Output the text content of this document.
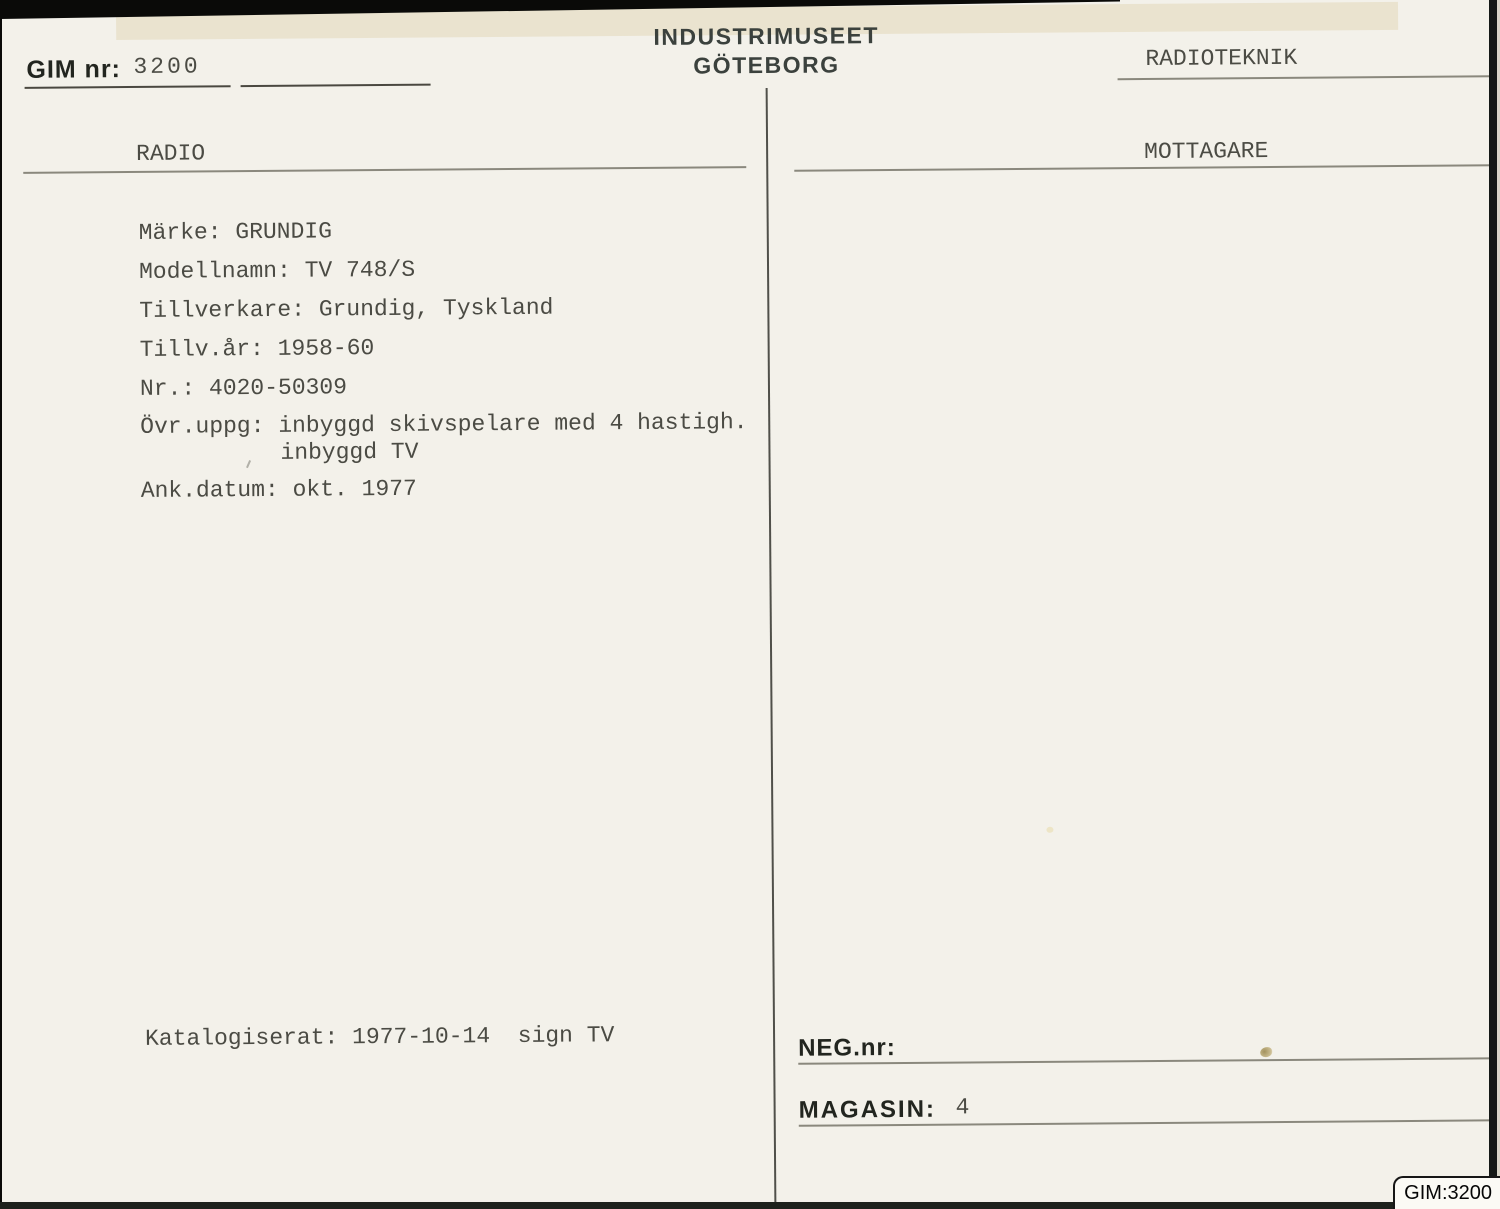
GIM nr: 3200
INDUSTRIMUSEET
GÖTEBORG	RADIOTEKNIK
RADIO
Märke: GRUNDIG
Modellnamn: TV 748/S
Tillverkare: Grundig, Tyskland
Tillv.år: 1958-60
Nr.: 4020-50309
Övr.uppg: inbyggd skivspelare med 4 hastigh.
inbyggd TV
Ank.datum: okt. 1977
Katalogiserat: 1977-10-14  sign TV
MOTTAGARE
NEG.nr:
MAGASIN: 4
GIM:3200
